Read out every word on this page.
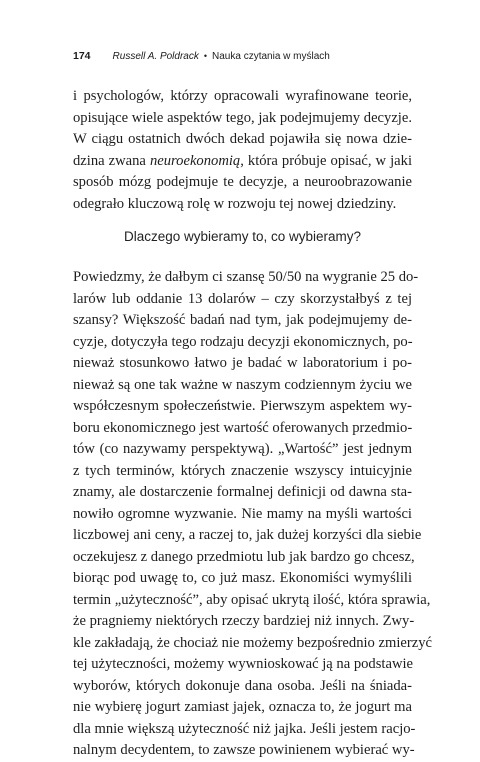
174 Russell A. Poldrack • Nauka czytania w myślach
i psychologów, którzy opracowali wyrafinowane teorie,
opisujące wiele aspektów tego, jak podejmujemy decyzje.
W ciągu ostatnich dwóch dekad pojawiła się nowa dzie-
dzina zwana neuroekonomią, która próbuje opisać, w jaki
sposób mózg podejmuje te decyzje, a neuroobrazowanie
odegrało kluczową rolę w rozwoju tej nowej dziedziny.
Dlaczego wybieramy to, co wybieramy?
Powiedzmy, że dałbym ci szansę 50/50 na wygranie 25 do-
larów lub oddanie 13 dolarów – czy skorzystałbyś z tej
szansy? Większość badań nad tym, jak podejmujemy de-
cyzje, dotyczyła tego rodzaju decyzji ekonomicznych, po-
nieważ stosunkowo łatwo je badać w laboratorium i po-
nieważ są one tak ważne w naszym codziennym życiu we
współczesnym społeczeństwie. Pierwszym aspektem wy-
boru ekonomicznego jest wartość oferowanych przedmio-
tów (co nazywamy perspektywą). „Wartość” jest jednym
z tych terminów, których znaczenie wszyscy intuicyjnie
znamy, ale dostarczenie formalnej definicji od dawna sta-
nowiło ogromne wyzwanie. Nie mamy na myśli wartości
liczbowej ani ceny, a raczej to, jak dużej korzyści dla siebie
oczekujesz z danego przedmiotu lub jak bardzo go chcesz,
biorąc pod uwagę to, co już masz. Ekonomiści wymyślili
termin „użyteczność”, aby opisać ukrytą ilość, która sprawia,
że pragniemy niektórych rzeczy bardziej niż innych. Zwy-
kle zakładają, że chociaż nie możemy bezpośrednio zmierzyć
tej użyteczności, możemy wywnioskować ją na podstawie
wyborów, których dokonuje dana osoba. Jeśli na śniada-
nie wybierę jogurt zamiast jajek, oznacza to, że jogurt ma
dla mnie większą użyteczność niż jajka. Jeśli jestem racjo-
nalnym decydentem, to zawsze powinienem wybierać wy-
